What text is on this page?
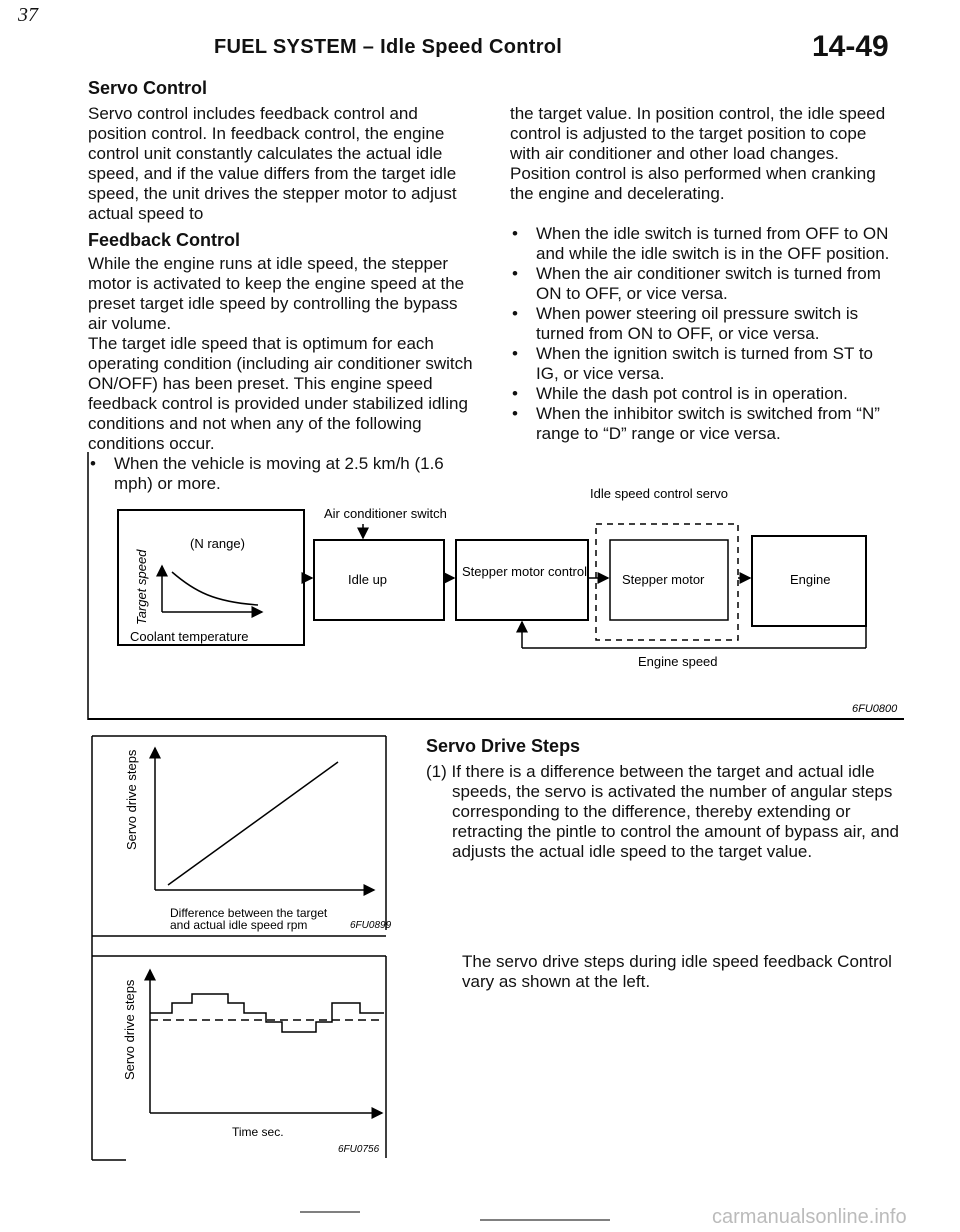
37
FUEL SYSTEM – Idle Speed Control	14-49
Servo Control

Servo control includes feedback control and position control. In feedback control, the engine control unit constantly calculates the actual idle speed, and if the value differs from the target idle speed, the unit drives the stepper motor to adjust actual speed to

Feedback Control

While the engine runs at idle speed, the stepper motor is activated to keep the engine speed at the preset target idle speed by controlling the bypass air volume.

The target idle speed that is optimum for each operating condition (including air conditioner switch ON/OFF) has been preset. This engine speed feedback control is provided under stabilized idling conditions and not when any of the following conditions occur.

• When the vehicle is moving at 2.5 km/h (1.6 mph) or more.

the target value. In position control, the idle speed control is adjusted to the target position to cope with air conditioner and other load changes. Position control is also performed when cranking the engine and decelerating.

• When the idle switch is turned from OFF to ON and while the idle switch is in the OFF position.
• When the air conditioner switch is turned from ON to OFF, or vice versa.
• When power steering oil pressure switch is turned from ON to OFF, or vice versa.
• When the ignition switch is turned from ST to IG, or vice versa.
• While the dash pot control is in operation.
• When the inhibitor switch is switched from “N” range to “D” range or vice versa.
(N range)
Target speed
Coolant temperature
Air conditioner switch
Idle up
Stepper motor control
Idle speed control servo
Stepper motor	Engine
Engine speed
6FU0800
Servo drive steps
Difference between the target
and actual idle speed rpm	6FU0899
Servo drive steps
Time sec.
6FU0756
Servo Drive Steps

(1) If there is a difference between the target and actual idle speeds, the servo is activated the number of angular steps corresponding to the difference, thereby extending or retracting the pintle to control the amount of bypass air, and adjusts the actual idle speed to the target value.

The servo drive steps during idle speed feedback Control vary as shown at the left.
carmanualsonline.info
